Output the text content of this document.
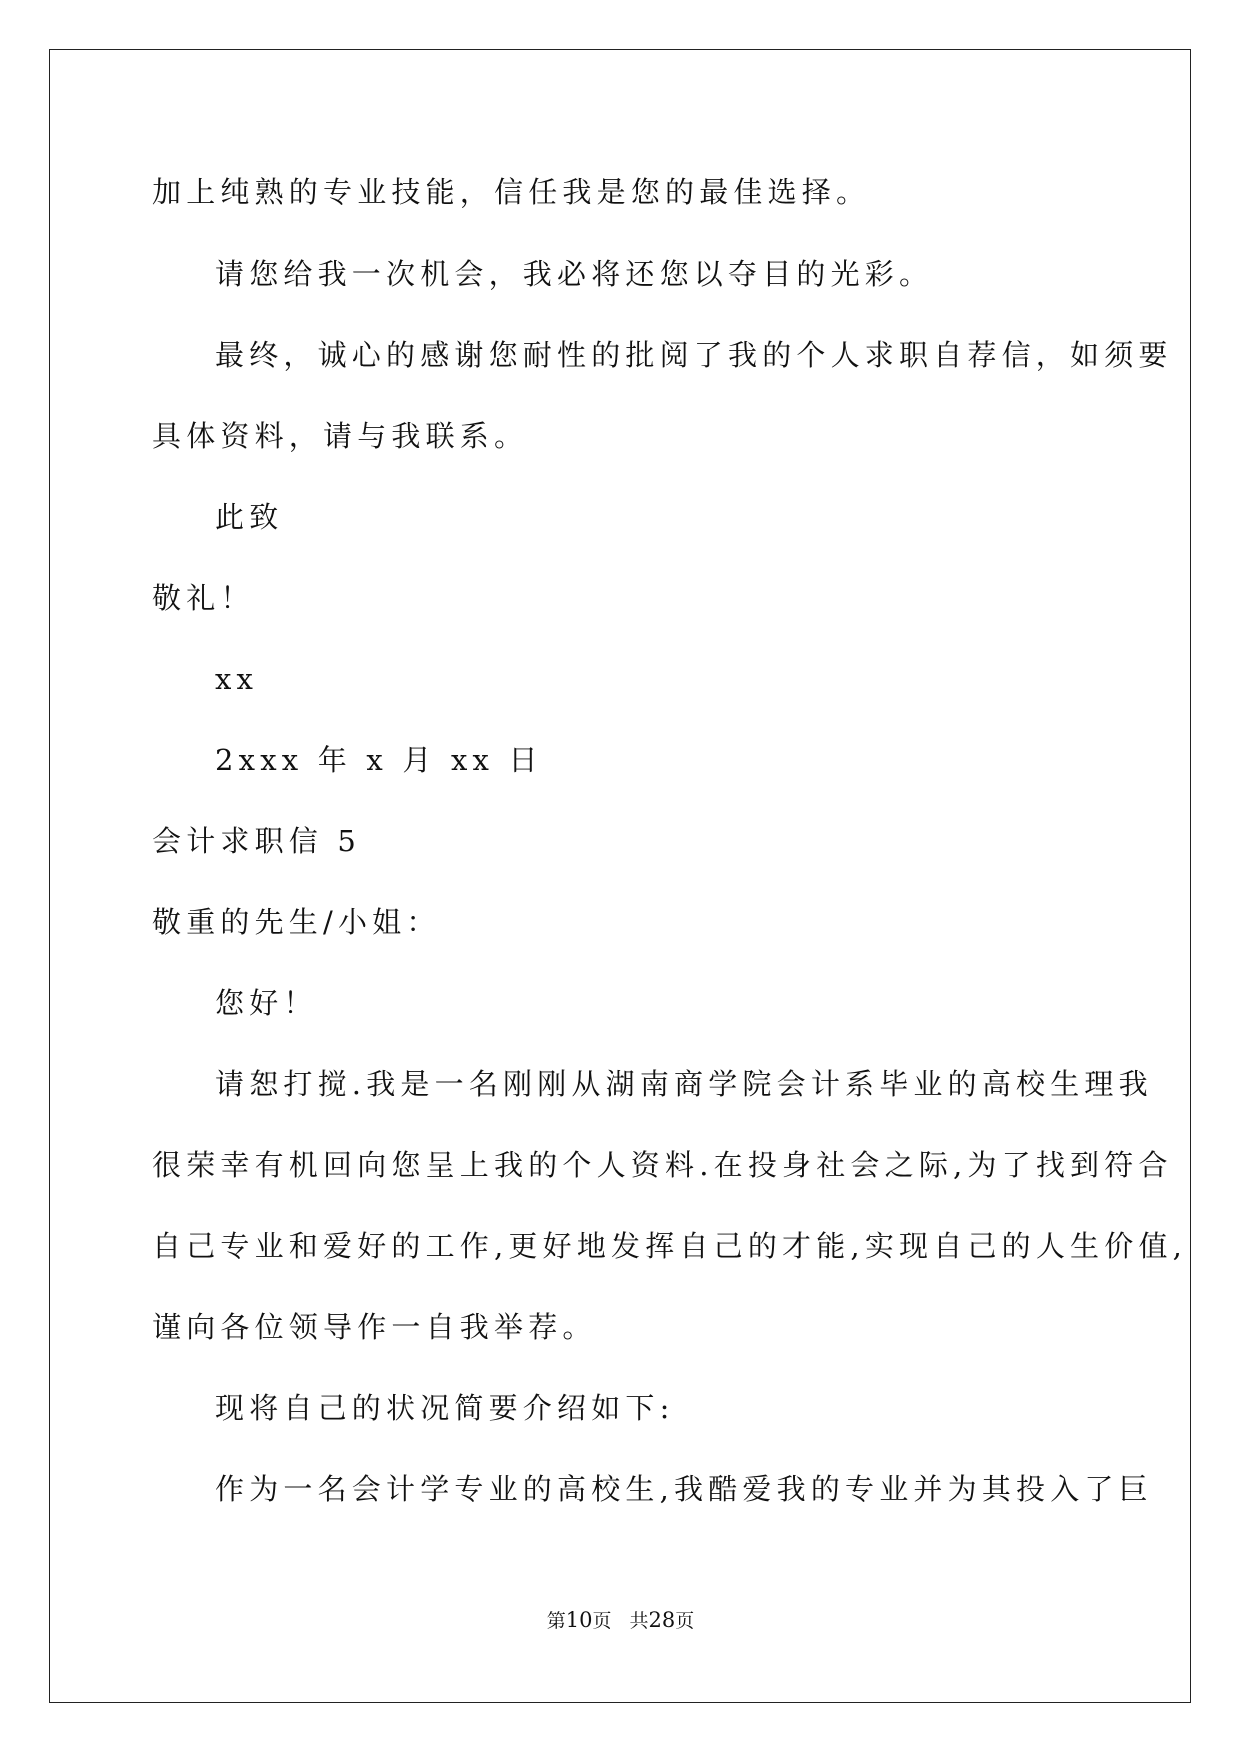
加上纯熟的专业技能，信任我是您的最佳选择。
请您给我一次机会，我必将还您以夺目的光彩。
最终，诚心的感谢您耐性的批阅了我的个人求职自荐信，如须要
具体资料，请与我联系。
此致
敬礼！
xx
2xxx 年 x 月 xx 日
会计求职信 5
敬重的先生/小姐：
您好！
请恕打搅.我是一名刚刚从湖南商学院会计系毕业的高校生理我
很荣幸有机回向您呈上我的个人资料.在投身社会之际,为了找到符合
自己专业和爱好的工作,更好地发挥自己的才能,实现自己的人生价值,
谨向各位领导作一自我举荐。
现将自己的状况简要介绍如下:
作为一名会计学专业的高校生,我酷爱我的专业并为其投入了巨
第10页 共28页
